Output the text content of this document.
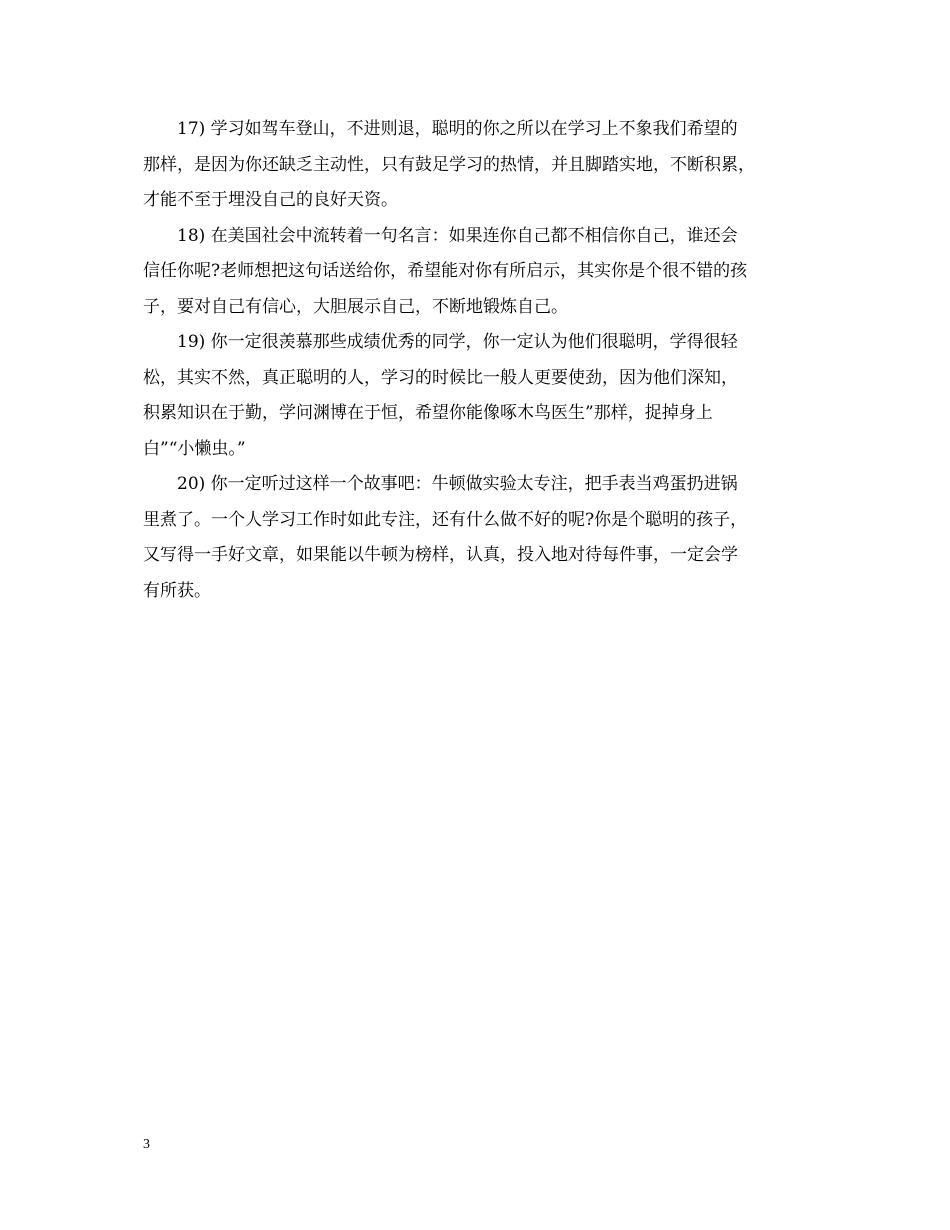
17) 学习如驾车登山，不进则退，聪明的你之所以在学习上不象我们希望的
那样，是因为你还缺乏主动性，只有鼓足学习的热情，并且脚踏实地，不断积累，
才能不至于埋没自己的良好天资。
18) 在美国社会中流转着一句名言：如果连你自己都不相信你自己，谁还会
信任你呢?老师想把这句话送给你，希望能对你有所启示，其实你是个很不错的孩
子，要对自己有信心，大胆展示自己，不断地锻炼自己。
19) 你一定很羡慕那些成绩优秀的同学，你一定认为他们很聪明，学得很轻
松，其实不然，真正聪明的人，学习的时候比一般人更要使劲，因为他们深知，
积累知识在于勤，学问渊博在于恒，希望你能像啄木鸟医生”那样，捉掉身上
白”“小懒虫。”
20) 你一定听过这样一个故事吧：牛顿做实验太专注，把手表当鸡蛋扔进锅
里煮了。一个人学习工作时如此专注，还有什么做不好的呢?你是个聪明的孩子，
又写得一手好文章，如果能以牛顿为榜样，认真，投入地对待每件事，一定会学
有所获。
3
